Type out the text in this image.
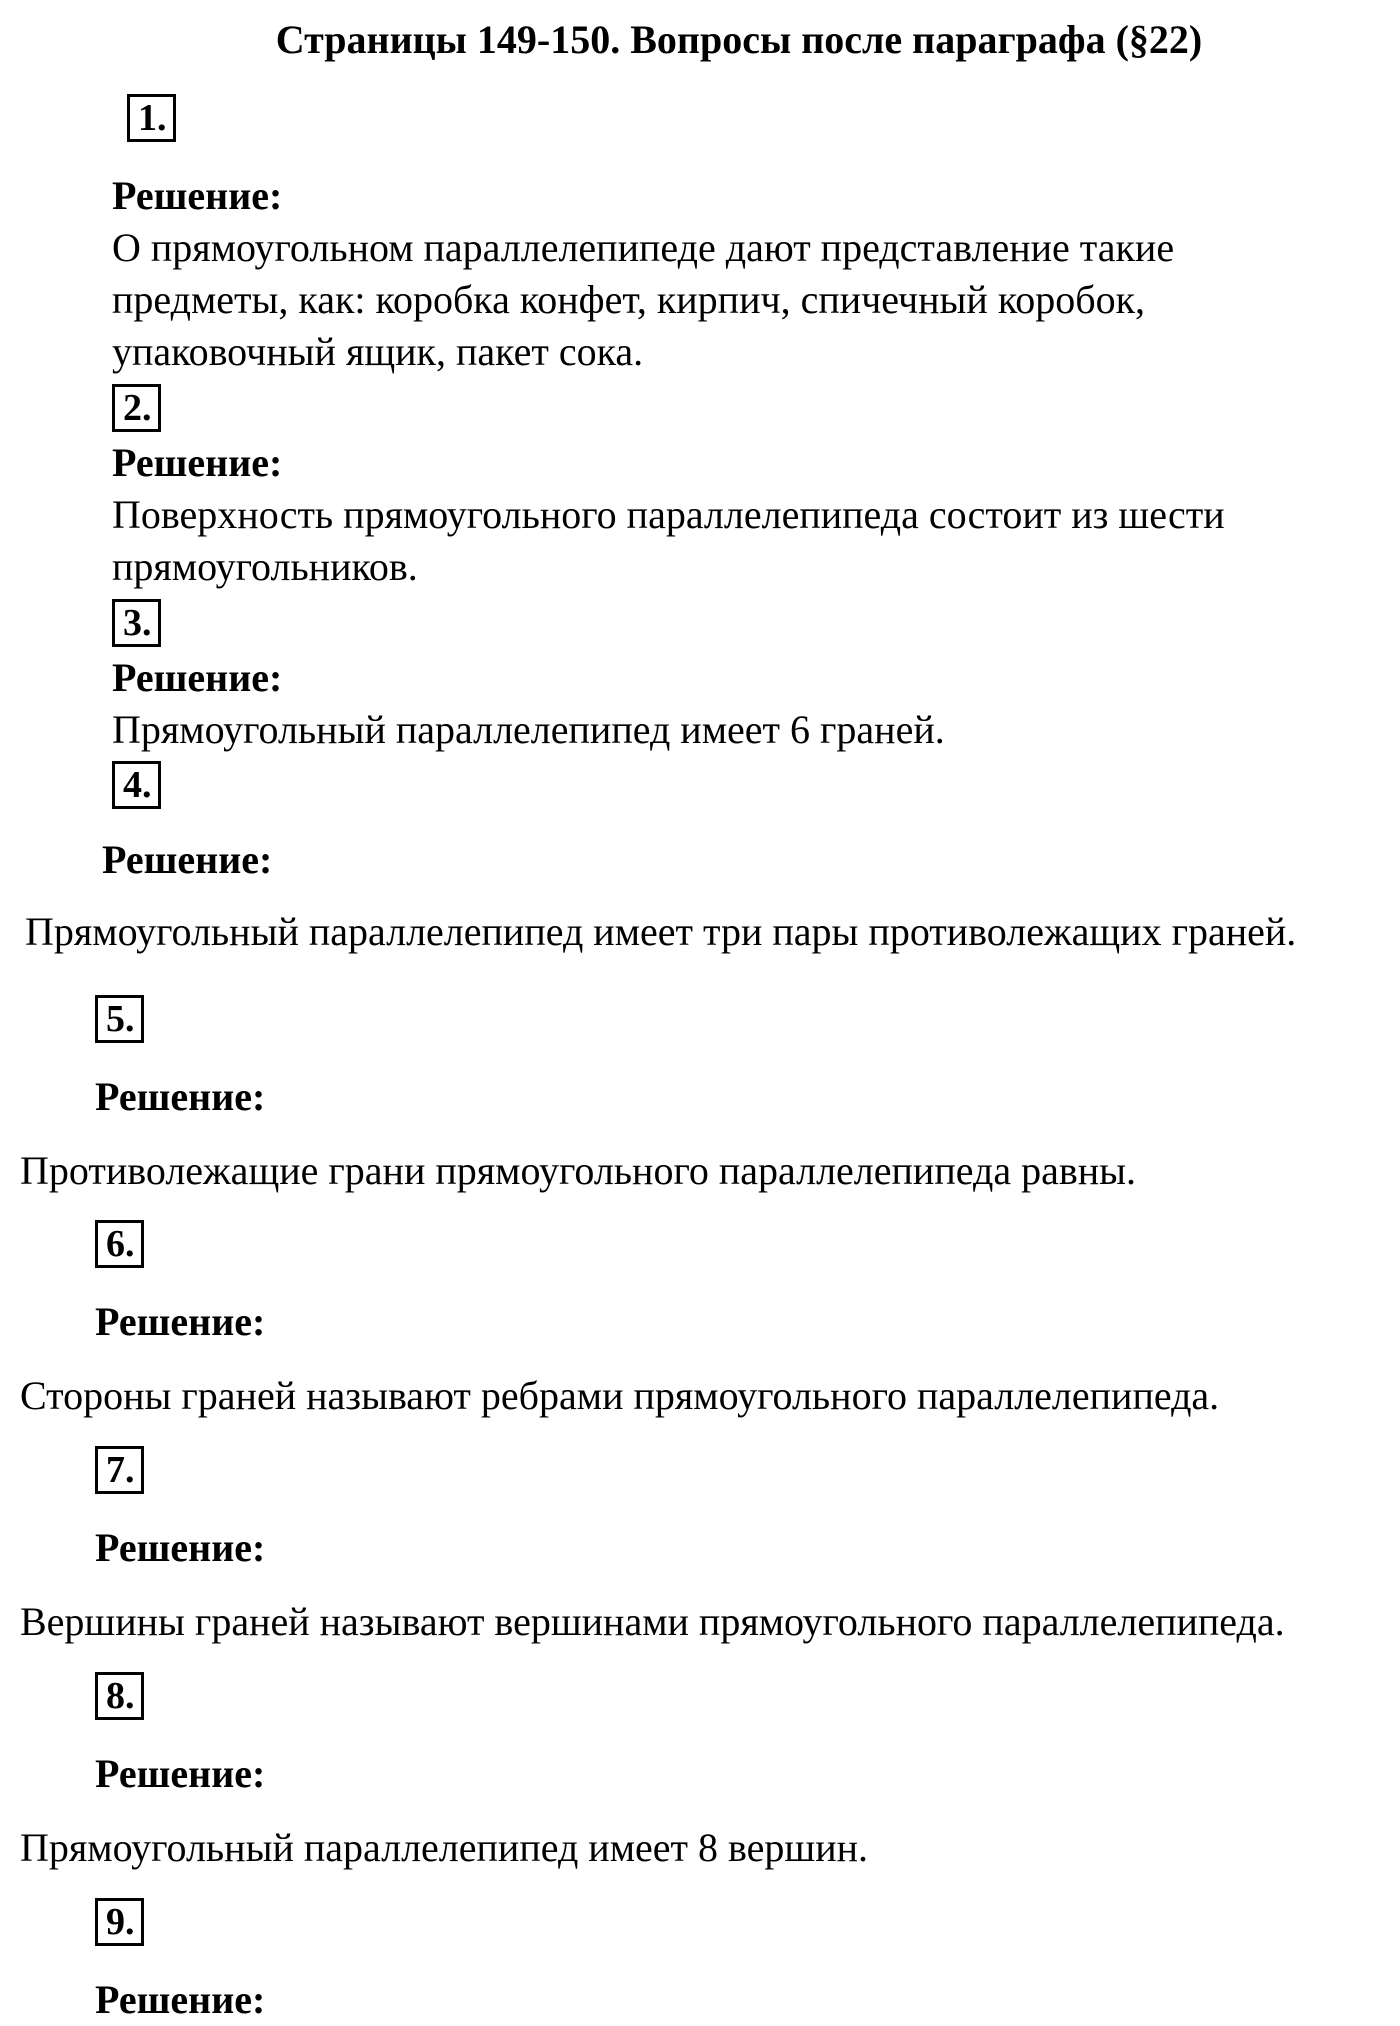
Страницы 149-150. Вопросы после параграфа (§22)
1.
Решение:
О прямоугольном параллелепипеде дают представление такие
предметы, как: коробка конфет, кирпич, спичечный коробок,
упаковочный ящик, пакет сока.
2.
Решение:
Поверхность прямоугольного параллелепипеда состоит из шести
прямоугольников.
3.
Решение:
Прямоугольный параллелепипед имеет 6 граней.
4.
Решение:
Прямоугольный параллелепипед имеет три пары противолежащих граней.
5.
Решение:
Противолежащие грани прямоугольного параллелепипеда равны.
6.
Решение:
Стороны граней называют ребрами прямоугольного параллелепипеда.
7.
Решение:
Вершины граней называют вершинами прямоугольного параллелепипеда.
8.
Решение:
Прямоугольный параллелепипед имеет 8 вершин.
9.
Решение:
